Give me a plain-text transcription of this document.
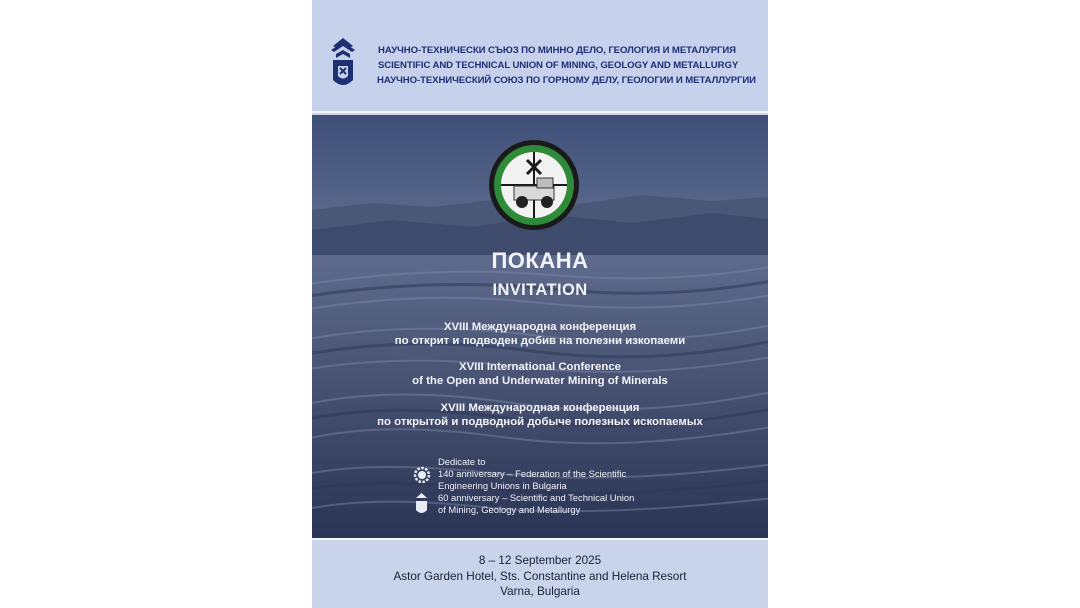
НАУЧНО-ТЕХНИЧЕСКИ СЪЮЗ ПО МИННО ДЕЛО, ГЕОЛОГИЯ И МЕТАЛУРГИЯ
SCIENTIFIC AND TECHNICAL UNION OF MINING, GEOLOGY AND METALLURGY
НАУЧНО-ТЕХНИЧЕСКИЙ СОЮЗ ПО ГОРНОМУ ДЕЛУ, ГЕОЛОГИИ И МЕТАЛЛУРГИИ
ПОКАНА
INVITATION
XVIII Международна конференция
по открит и подводен добив на полезни изкопаеми
XVIII International Conference
of the Open and Underwater Mining of Minerals
XVIII Международная конференция
по открытой и подводной добыче полезных ископаемых
Dedicate to
140 anniversary – Federation of the Scientific
Engineering Unions in Bulgaria
60 anniversary – Scientific and Technical Union
of Mining, Geology and Metallurgy
8 – 12 September 2025
Astor Garden Hotel, Sts. Constantine and Helena Resort
Varna, Bulgaria
